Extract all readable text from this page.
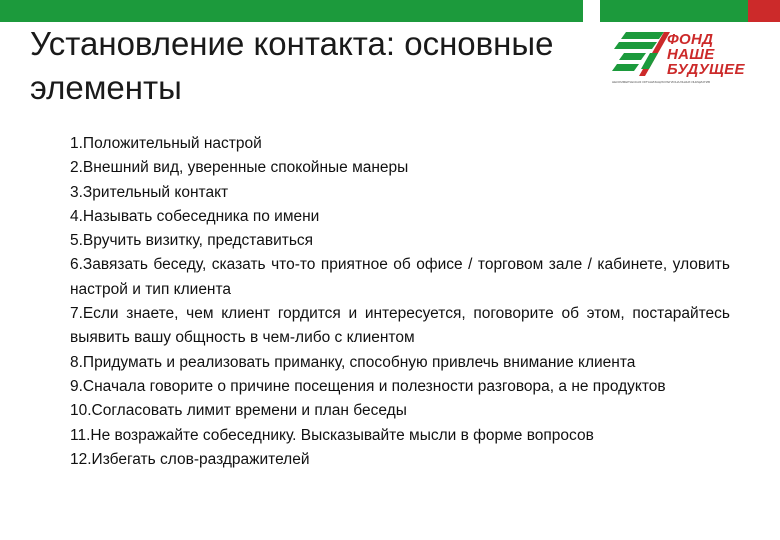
Установление контакта: основные элементы
ФОНД
НАШЕ
БУДУЩЕЕ
НЕКОММЕРЧЕСКАЯ ОРГАНИЗАЦИЯ РЕГИОНАЛЬНЫХ ИНИЦИАТИВ
1.Положительный настрой
2.Внешний вид, уверенные спокойные манеры
3.Зрительный контакт
4.Называть собеседника по имени
5.Вручить визитку, представиться
6.Завязать беседу, сказать что-то приятное об офисе / торговом зале / кабинете, уловить настрой и тип клиента
7.Если знаете, чем клиент гордится и интересуется, поговорите об этом, постарайтесь выявить вашу общность в чем-либо с клиентом
8.Придумать и реализовать приманку, способную привлечь внимание клиента
9.Сначала говорите о причине посещения и полезности разговора, а не продуктов
10.Согласовать лимит времени и план беседы
11.Не возражайте собеседнику. Высказывайте мысли в форме вопросов
12.Избегать слов-раздражителей
